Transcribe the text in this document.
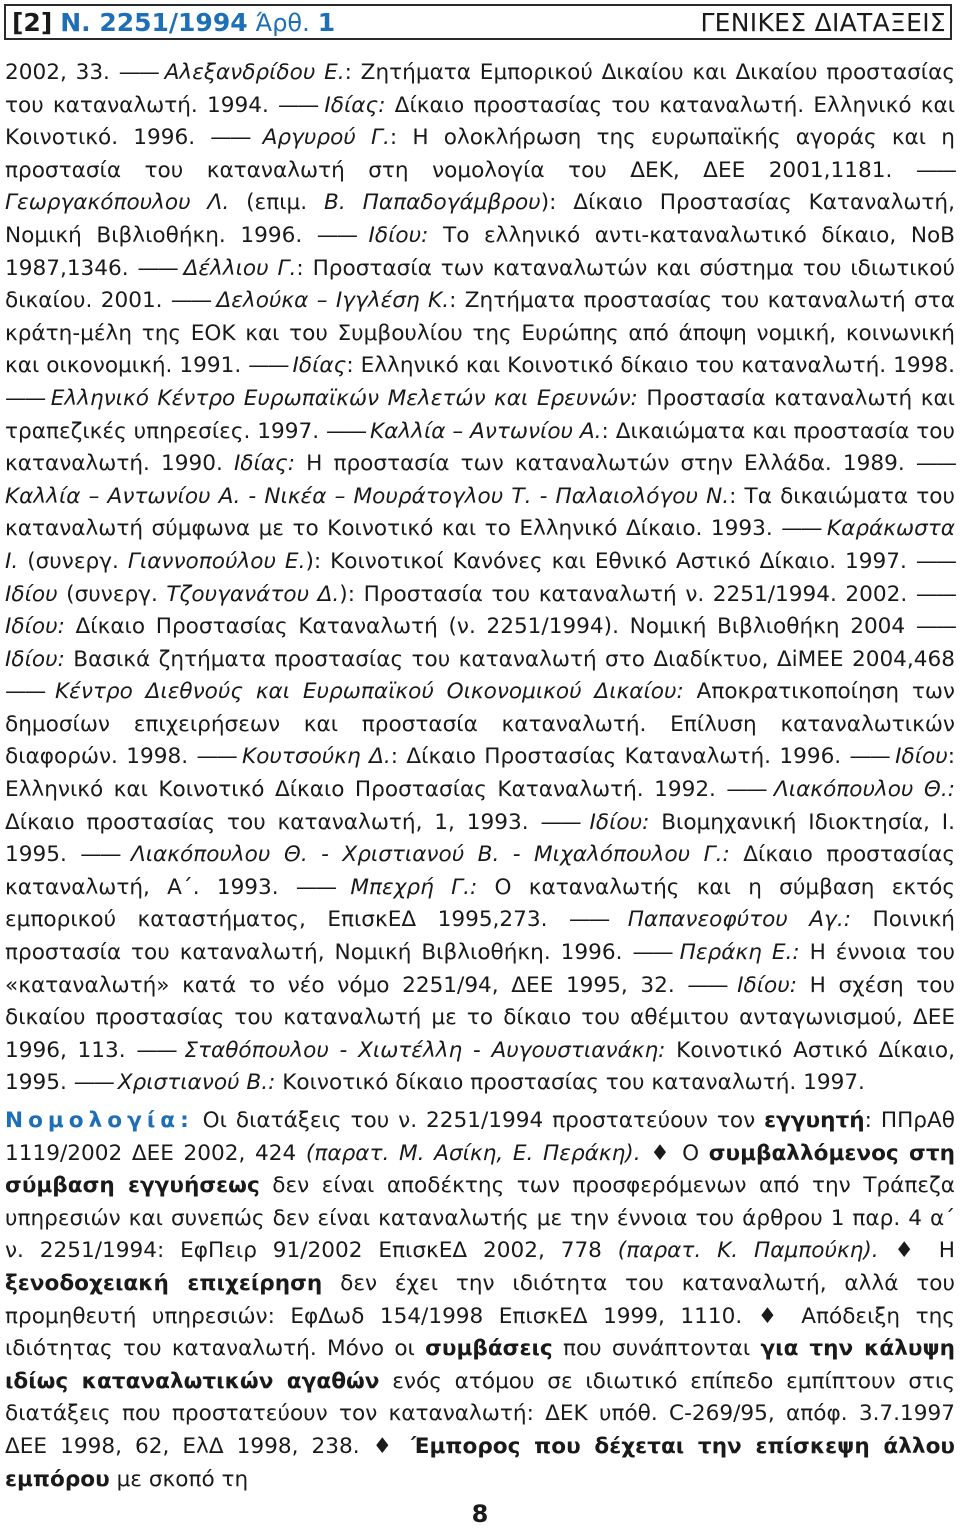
[2] Ν. 2251/1994 Άρθ. 1	ΓΕΝΙΚΕΣ ΔΙΑΤΑΞΕΙΣ

2002, 33. —— Αλεξανδρίδου Ε.: Ζητήματα Εμπορικού Δικαίου και Δικαίου προστασίας του καταναλωτή. 1994. —— Ιδίας: Δίκαιο προστασίας του καταναλωτή. Ελληνικό και Κοινοτικό. 1996. —— Αργυρού Γ.: Η ολοκλήρωση της ευρωπαϊκής αγοράς και η προστασία του καταναλωτή στη νομολογία του ΔΕΚ, ΔΕΕ 2001,1181. —— Γεωργακόπουλου Λ. (επιμ. Β. Παπαδογάμβρου): Δίκαιο Προστασίας Καταναλωτή, Νομική Βιβλιοθήκη. 1996. —— Ιδίου: Το ελληνικό αντι-καταναλωτικό δίκαιο, ΝοΒ 1987,1346. —— Δέλλιου Γ.: Προστασία των καταναλωτών και σύστημα του ιδιωτικού δικαίου. 2001. —— Δελούκα – Ιγγλέση Κ.: Ζητήματα προστασίας του καταναλωτή στα κράτη-μέλη της ΕΟΚ και του Συμβουλίου της Ευρώπης από άποψη νομική, κοινωνική και οικονομική. 1991. —— Ιδίας: Ελληνικό και Κοινοτικό δίκαιο του καταναλωτή. 1998. —— Ελληνικό Κέντρο Ευρωπαϊκών Μελετών και Ερευνών: Προστασία καταναλωτή και τραπεζικές υπηρεσίες. 1997. —— Καλλία – Αντωνίου Α.: Δικαιώματα και προστασία του καταναλωτή. 1990. Ιδίας: Η προστασία των καταναλωτών στην Ελλάδα. 1989. —— Καλλία – Αντωνίου Α. - Νικέα – Μουράτογλου Τ. - Παλαιολόγου Ν.: Τα δικαιώματα του καταναλωτή σύμφωνα με το Κοινοτικό και το Ελληνικό Δίκαιο. 1993. —— Καράκωστα Ι. (συνεργ. Γιαννοπούλου Ε.): Κοινοτικοί Κανόνες και Εθνικό Αστικό Δίκαιο. 1997. —— Ιδίου (συνεργ. Τζουγανάτου Δ.): Προστασία του καταναλωτή ν. 2251/1994. 2002. —— Ιδίου: Δίκαιο Προστασίας Καταναλωτή (ν. 2251/1994). Νομική Βιβλιοθήκη 2004 —— Ιδίου: Βασικά ζητήματα προστασίας του καταναλωτή στο Διαδίκτυο, ΔiΜΕΕ 2004,468—— Κέντρο Διεθνούς και Ευρωπαϊκού Οικονομικού Δικαίου: Αποκρατικοποίηση των δημοσίων επιχειρήσεων και προστασία καταναλωτή. Επίλυση καταναλωτικών διαφορών. 1998. —— Κουτσούκη Δ.: Δίκαιο Προστασίας Καταναλωτή. 1996. —— Ιδίου: Ελληνικό και Κοινοτικό Δίκαιο Προστασίας Καταναλωτή. 1992. —— Λιακόπουλου Θ.: Δίκαιο προστασίας του καταναλωτή, 1, 1993. —— Ιδίου: Βιομηχανική Ιδιοκτησία, Ι. 1995. —— Λιακόπουλου Θ. - Χριστιανού Β. - Μιχαλόπουλου Γ.: Δίκαιο προστασίας καταναλωτή, Α΄. 1993. —— Μπεχρή Γ.: Ο καταναλωτής και η σύμβαση εκτός εμπορικού καταστήματος, ΕπισκΕΔ 1995,273. —— Παπανεοφύτου Αγ.: Ποινική προστασία του καταναλωτή, Νομική Βιβλιοθήκη. 1996. —— Περάκη Ε.: Η έννοια του «καταναλωτή» κατά το νέο νόμο 2251/94, ΔΕΕ 1995, 32. —— Ιδίου: Η σχέση του δικαίου προστασίας του καταναλωτή με το δίκαιο του αθέμιτου ανταγωνισμού, ΔΕΕ 1996, 113. —— Σταθόπουλου - Χιωτέλλη - Αυγουστιανάκη: Κοινοτικό Αστικό Δίκαιο, 1995. —— Χριστιανού Β.: Κοινοτικό δίκαιο προστασίας του καταναλωτή. 1997.

Νομολογία: Οι διατάξεις του ν. 2251/1994 προστατεύουν τον εγγυητή: ΠΠρΑθ 1119/2002 ΔΕΕ 2002, 424 (παρατ. Μ. Ασίκη, Ε. Περάκη). ♦ Ο συμβαλλόμενος στη σύμβαση εγγυήσεως δεν είναι αποδέκτης των προσφερόμενων από την Τράπεζα υπηρεσιών και συνεπώς δεν είναι καταναλωτής με την έννοια του άρθρου 1 παρ. 4 α΄ ν. 2251/1994: ΕφΠειρ 91/2002 ΕπισκΕΔ 2002, 778 (παρατ. Κ. Παμπούκη). ♦ Η ξενοδοχειακή επιχείρηση δεν έχει την ιδιότητα του καταναλωτή, αλλά του προμηθευτή υπηρεσιών: ΕφΔωδ 154/1998 ΕπισκΕΔ 1999, 1110. ♦ Απόδειξη της ιδιότητας του καταναλωτή. Μόνο οι συμβάσεις που συνάπτονται για την κάλυψη ιδίως καταναλωτικών αγαθών ενός ατόμου σε ιδιωτικό επίπεδο εμπίπτουν στις διατάξεις που προστατεύουν τον καταναλωτή: ΔΕΚ υπόθ. C-269/95, απόφ. 3.7.1997 ΔΕΕ 1998, 62, ΕλΔ 1998, 238. ♦ Έμπορος που δέχεται την επίσκεψη άλλου εμπόρου με σκοπό τη

8
